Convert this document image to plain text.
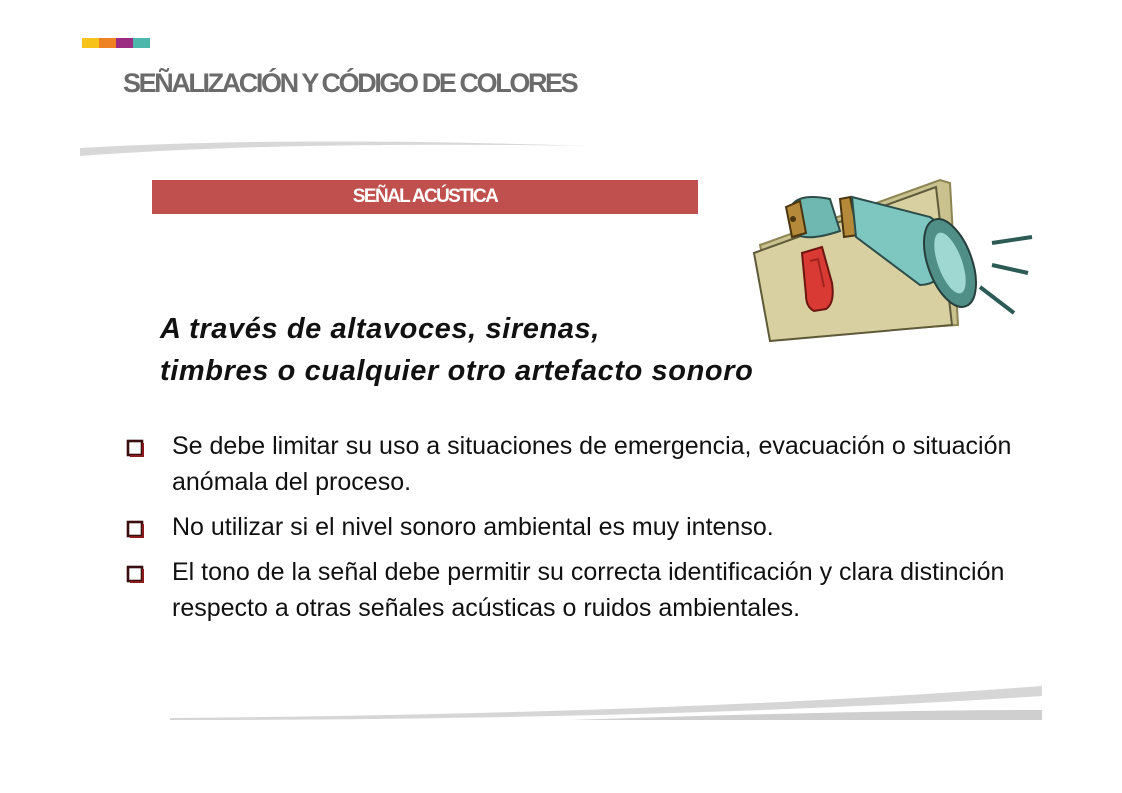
SEÑALIZACIÓN Y CÓDIGO DE COLORES
SEÑAL ACÚSTICA

A través de altavoces, sirenas,
timbres o cualquier otro artefacto sonoro

Se debe limitar su uso a situaciones de emergencia, evacuación o situación anómala del proceso.
No utilizar si el nivel sonoro ambiental es muy intenso.
El tono de la señal debe permitir su correcta identificación y clara distinción respecto a otras señales acústicas o ruidos ambientales.
